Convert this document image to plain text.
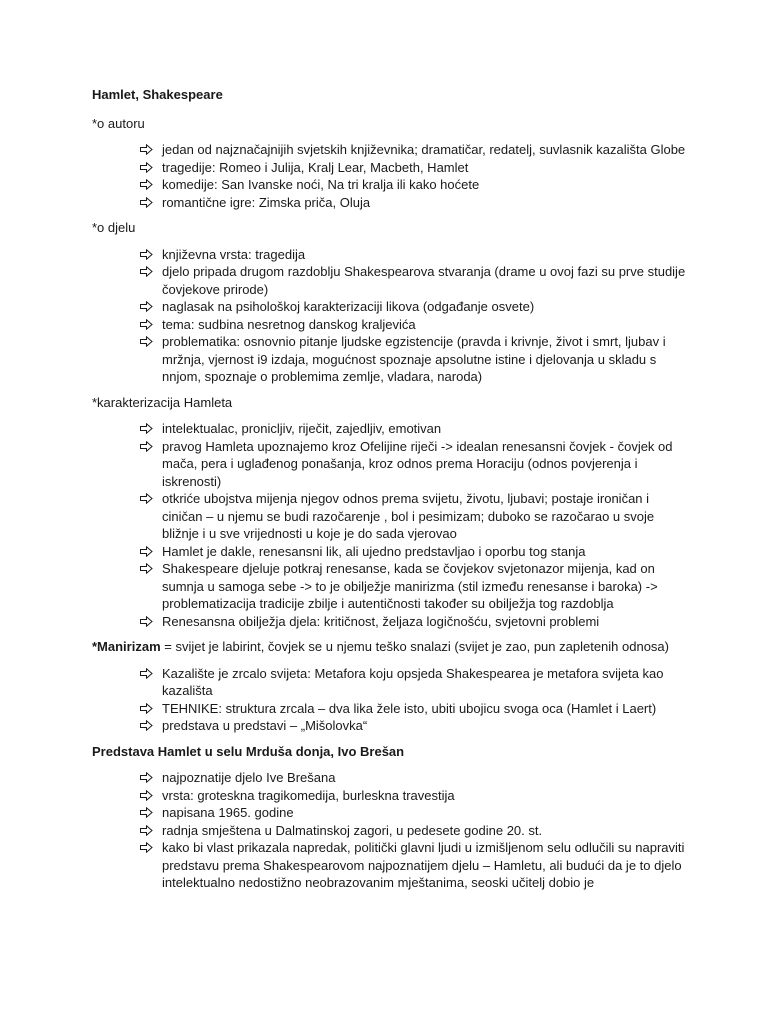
Hamlet, Shakespeare
*o autoru
jedan od najznačajnijih svjetskih književnika; dramatičar, redatelj, suvlasnik kazališta Globe
tragedije: Romeo i Julija, Kralj Lear, Macbeth, Hamlet
komedije: San Ivanske noći, Na tri kralja ili kako hoćete
romantične igre: Zimska priča, Oluja
*o djelu
književna vrsta: tragedija
djelo pripada drugom razdoblju Shakespearova stvaranja (drame u ovoj fazi su prve studije čovjekove prirode)
naglasak na psihološkoj karakterizaciji likova (odgađanje osvete)
tema: sudbina nesretnog danskog kraljevića
problematika: osnovnio pitanje ljudske egzistencije (pravda i krivnje, život i smrt, ljubav i mržnja, vjernost i9 izdaja, mogućnost spoznaje apsolutne istine i djelovanja u skladu s nnjom, spoznaje o problemima zemlje, vladara, naroda)
*karakterizacija Hamleta
intelektualac, pronicljiv, riječit, zajedljiv, emotivan
pravog Hamleta upoznajemo kroz Ofelijine riječi -> idealan renesansni čovjek - čovjek od mača, pera i uglađenog ponašanja, kroz odnos prema Horaciju (odnos povjerenja i iskrenosti)
otkriće ubojstva mijenja njegov odnos prema svijetu, životu, ljubavi; postaje ironičan i ciničan – u njemu se budi razočarenje , bol i pesimizam; duboko se razočarao u svoje bližnje i u sve vrijednosti u koje je do sada vjerovao
Hamlet je dakle, renesansni lik, ali ujedno predstavljao i oporbu tog stanja
Shakespeare djeluje potkraj renesanse, kada se čovjekov svjetonazor mijenja, kad on sumnja u samoga sebe -> to je obilježje manirizma (stil između renesanse i baroka) -> problematizacija tradicije zbilje i autentičnosti također su obilježja tog razdoblja
Renesansna obilježja djela: kritičnost, željaza logičnošću, svjetovni problemi
*Manirizam = svijet je labirint, čovjek se u njemu teško snalazi (svijet je zao, pun zapletenih odnosa)
Kazalište je zrcalo svijeta: Metafora koju opsjeda Shakespearea je metafora svijeta kao kazališta
TEHNIKE: struktura zrcala – dva lika žele isto, ubiti ubojicu svoga oca (Hamlet i Laert)
predstava u predstavi – „Mišolovka“
Predstava Hamlet u selu Mrduša donja, Ivo Brešan
najpoznatije djelo Ive Brešana
vrsta: groteskna tragikomedija, burleskna travestija
napisana 1965. godine
radnja smještena u Dalmatinskoj zagori, u pedesete godine 20. st.
kako bi vlast prikazala napredak, politički glavni ljudi u izmišljenom selu odlučili su napraviti predstavu prema Shakespearovom najpoznatijem djelu – Hamletu, ali budući da je to djelo intelektualno nedostižno neobrazovanim mještanima, seoski učitelj dobio je
